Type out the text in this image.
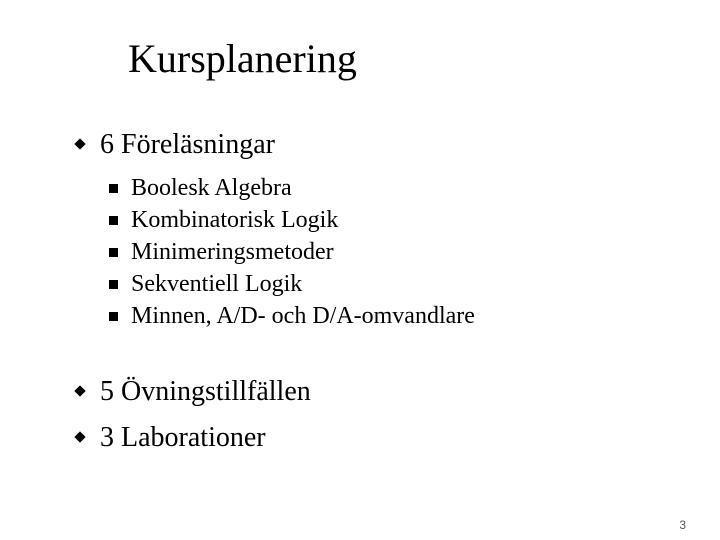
Kursplanering
6 Föreläsningar
Boolesk Algebra
Kombinatorisk Logik
Minimeringsmetoder
Sekventiell Logik
Minnen, A/D- och D/A-omvandlare
5 Övningstillfällen
3 Laborationer
3
